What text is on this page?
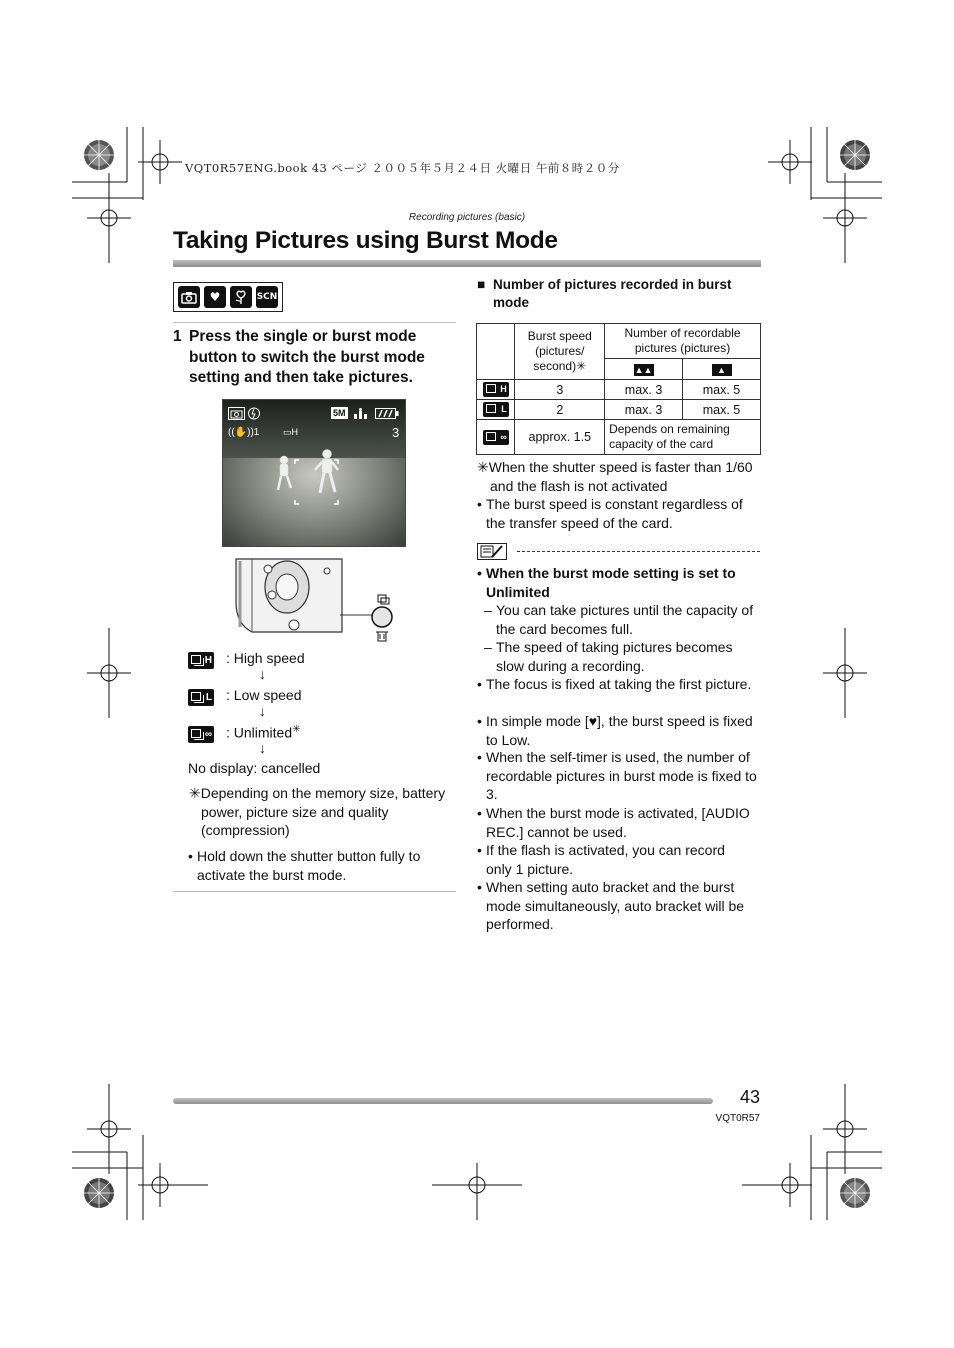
VQT0R57ENG.book 43 ページ ２００５年５月２４日 火曜日 午前８時２０分
Recording pictures (basic)
Taking Pictures using Burst Mode
♥	SCN
1 Press the single or burst mode button to switch the burst mode setting and then take pictures.
5M
((✋))1	▭H	3
H : High speed
↓
L : Low speed
↓
∞ : Unlimited✳
↓
No display: cancelled
✳Depending on the memory size, battery power, picture size and quality (compression)
• Hold down the shutter button fully to activate the burst mode.
■ Number of pictures recorded in burst mode
	Burst speed (pictures/ second)✳	Number of recordable pictures (pictures)	

		▲▲	▲

H	3	max. 3	max. 5

L	2	max. 3	max. 5

∞	approx. 1.5	Depends on remaining capacity of the card	
✳When the shutter speed is faster than 1/60 and the flash is not activated
• The burst speed is constant regardless of the transfer speed of the card.
• When the burst mode setting is set to Unlimited
– You can take pictures until the capacity of the card becomes full.
– The speed of taking pictures becomes slow during a recording.
• The focus is fixed at taking the first picture.
• In simple mode [♥], the burst speed is fixed to Low.
• When the self-timer is used, the number of recordable pictures in burst mode is fixed to 3.
• When the burst mode is activated, [AUDIO REC.] cannot be used.
• If the flash is activated, you can record only 1 picture.
• When setting auto bracket and the burst mode simultaneously, auto bracket will be performed.
43
VQT0R57
